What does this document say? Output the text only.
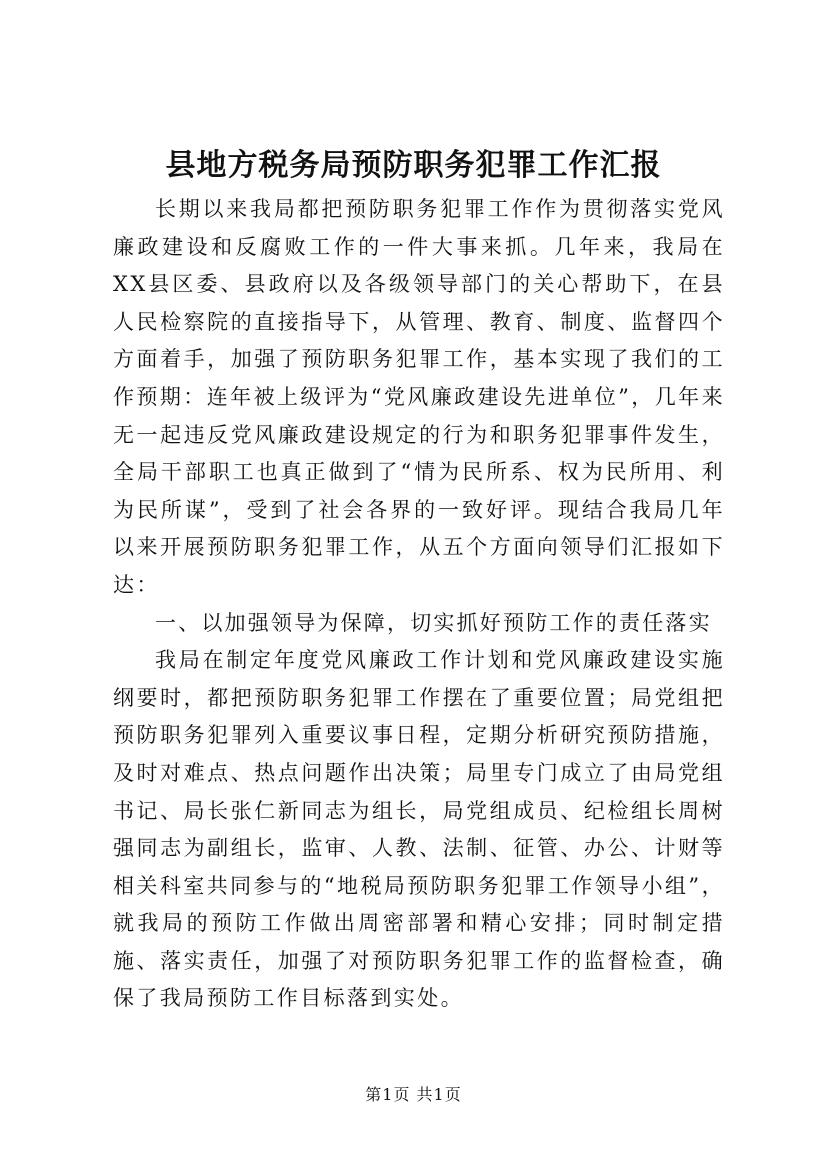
县地方税务局预防职务犯罪工作汇报

长期以来我局都把预防职务犯罪工作作为贯彻落实党风廉政建设和反腐败工作的一件大事来抓。几年来，我局在XX县区委、县政府以及各级领导部门的关心帮助下，在县人民检察院的直接指导下，从管理、教育、制度、监督四个方面着手，加强了预防职务犯罪工作，基本实现了我们的工作预期：连年被上级评为“党风廉政建设先进单位”，几年来无一起违反党风廉政建设规定的行为和职务犯罪事件发生，全局干部职工也真正做到了“情为民所系、权为民所用、利为民所谋”，受到了社会各界的一致好评。现结合我局几年以来开展预防职务犯罪工作，从五个方面向领导们汇报如下达：

一、以加强领导为保障，切实抓好预防工作的责任落实

我局在制定年度党风廉政工作计划和党风廉政建设实施纲要时，都把预防职务犯罪工作摆在了重要位置；局党组把预防职务犯罪列入重要议事日程，定期分析研究预防措施，及时对难点、热点问题作出决策；局里专门成立了由局党组书记、局长张仁新同志为组长，局党组成员、纪检组长周树强同志为副组长，监审、人教、法制、征管、办公、计财等相关科室共同参与的“地税局预防职务犯罪工作领导小组”，就我局的预防工作做出周密部署和精心安排；同时制定措施、落实责任，加强了对预防职务犯罪工作的监督检查，确保了我局预防工作目标落到实处。

第1页 共1页
